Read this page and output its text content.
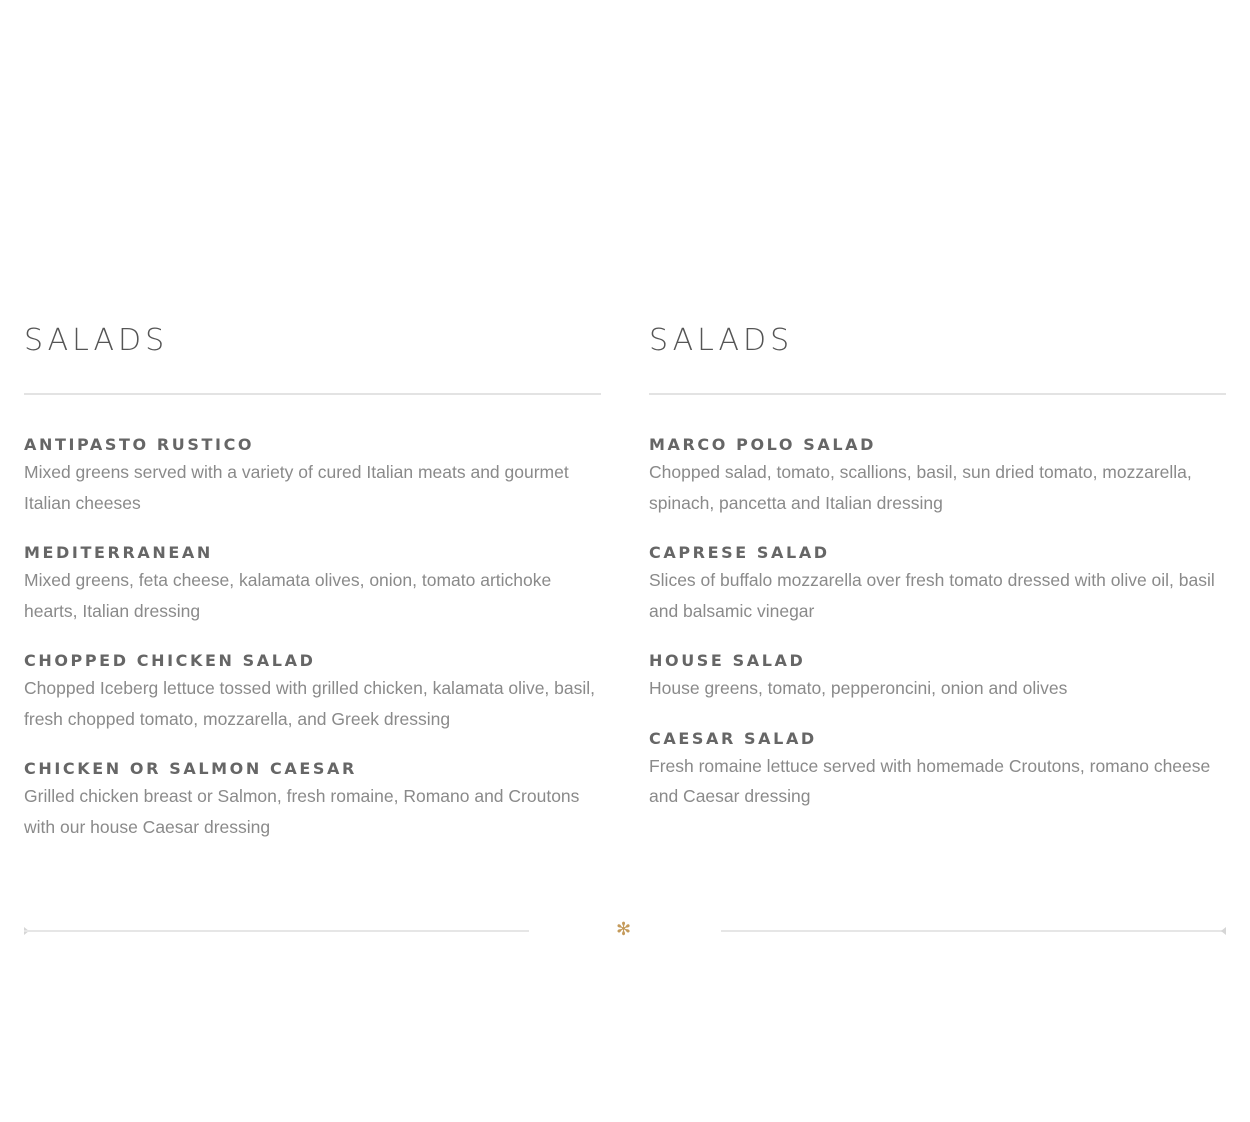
SALADS
ANTIPASTO RUSTICO

Mixed greens served with a variety of cured Italian meats and gourmet Italian cheeses

MEDITERRANEAN

Mixed greens, feta cheese, kalamata olives, onion, tomato artichoke hearts, Italian dressing

CHOPPED CHICKEN SALAD

Chopped Iceberg lettuce tossed with grilled chicken, kalamata olive, basil, fresh chopped tomato, mozzarella, and Greek dressing

CHICKEN OR SALMON CAESAR

Grilled chicken breast or Salmon, fresh romaine, Romano and Croutons with our house Caesar dressing

SALADS
MARCO POLO SALAD

Chopped salad, tomato, scallions, basil, sun dried tomato, mozzarella, spinach, pancetta and Italian dressing

CAPRESE SALAD

Slices of buffalo mozzarella over fresh tomato dressed with olive oil, basil and balsamic vinegar

HOUSE SALAD

House greens, tomato, pepperoncini, onion and olives

CAESAR SALAD

Fresh romaine lettuce served with homemade Croutons, romano cheese and Caesar dressing

✻
